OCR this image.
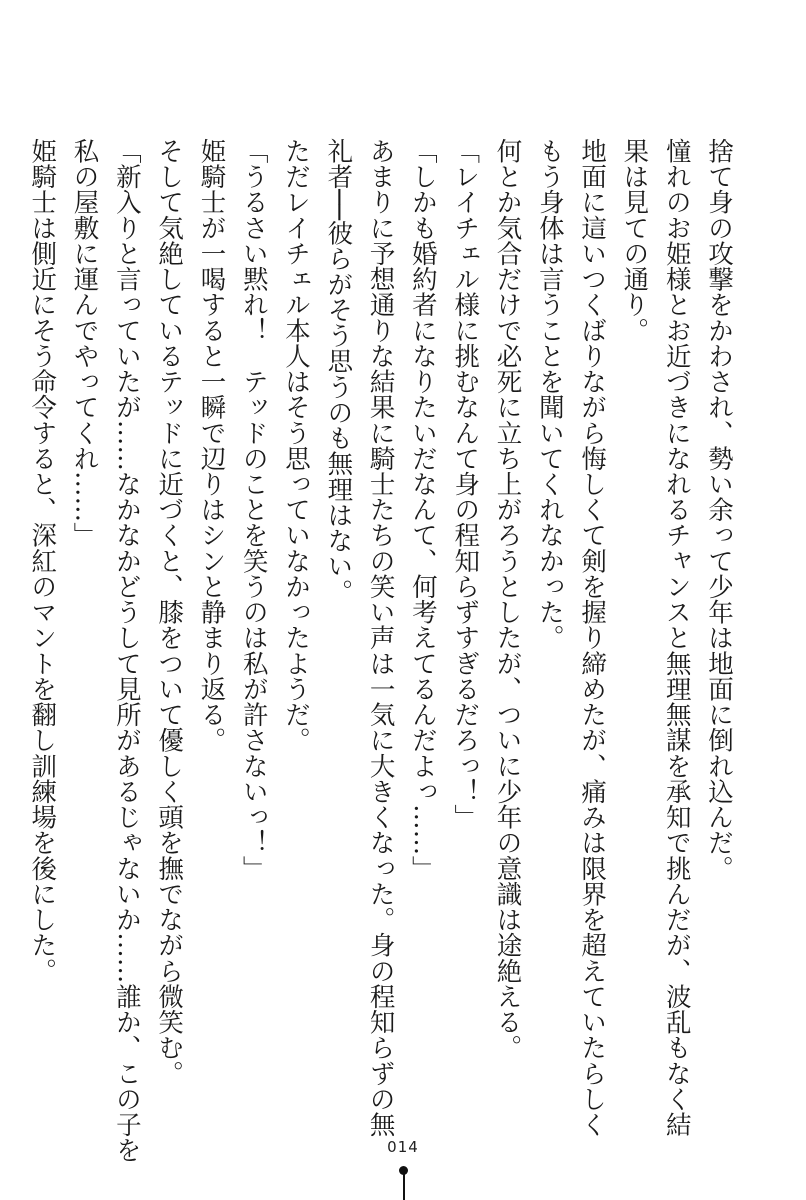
捨て身の攻撃をかわされ、勢い余って少年は地面に倒れ込んだ。

憧れのお姫様とお近づきになれるチャンスと無理無謀を承知で挑んだが、波乱もなく結

果は見ての通り。

地面に這いつくばりながら悔しくて剣を握り締めたが、痛みは限界を超えていたらしく

もう身体は言うことを聞いてくれなかった。

何とか気合だけで必死に立ち上がろうとしたが、ついに少年の意識は途絶える。

「レイチェル様に挑むなんて身の程知らずすぎるだろっ！」

「しかも婚約者になりたいだなんて、何考えてるんだよっ……」

あまりに予想通りな結果に騎士たちの笑い声は一気に大きくなった。身の程知らずの無

礼者──彼らがそう思うのも無理はない。

ただレイチェル本人はそう思っていなかったようだ。

「うるさい黙れ！　テッドのことを笑うのは私が許さないっ！」

姫騎士が一喝すると一瞬で辺りはシンと静まり返る。

そして気絶しているテッドに近づくと、膝をついて優しく頭を撫でながら微笑む。

「新入りと言っていたが……なかなかどうして見所があるじゃないか……誰か、この子を

私の屋敷に運んでやってくれ……」

姫騎士は側近にそう命令すると、深紅のマントを翻し訓練場を後にした。

014
